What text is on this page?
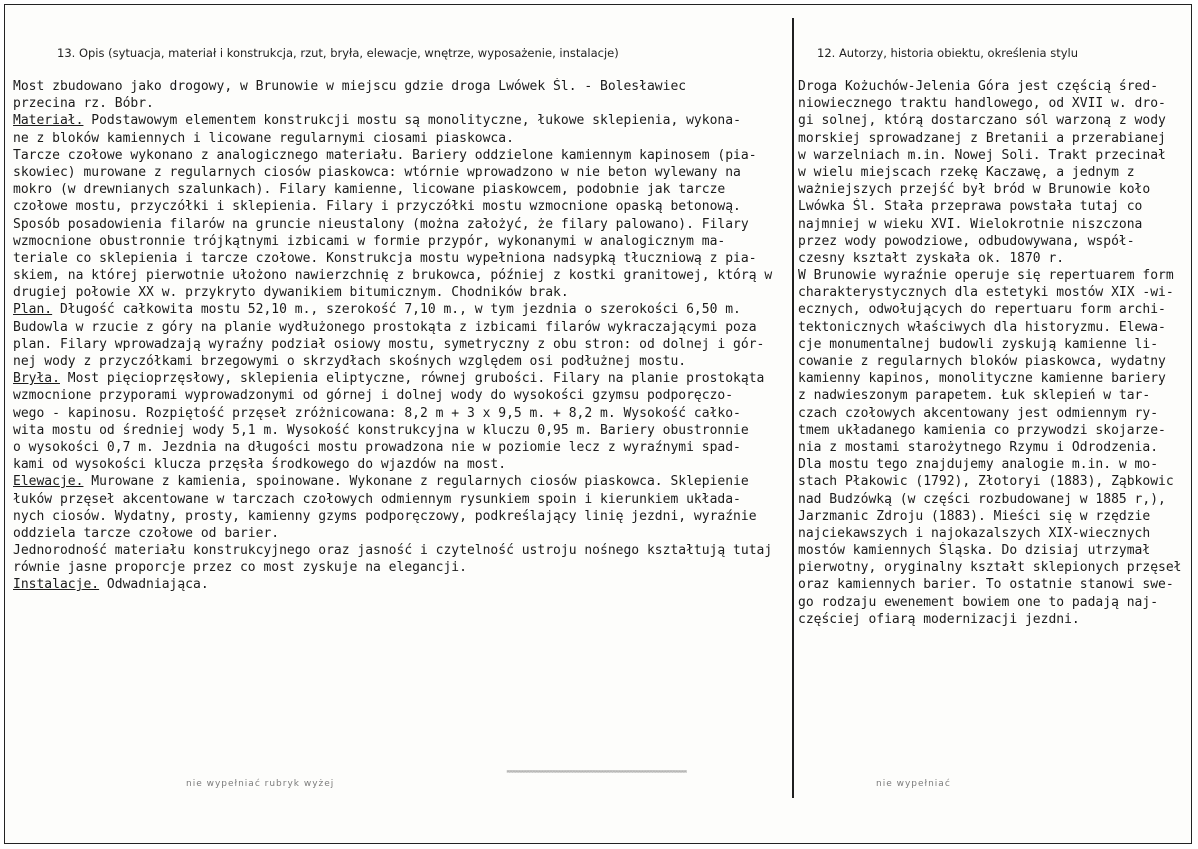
13. Opis (sytuacja, materiał i konstrukcja, rzut, bryła, elewacje, wnętrze, wyposażenie, instalacje)	12. Autorzy, historia obiektu, określenia stylu
Most zbudowano jako drogowy, w Brunowie w miejscu gdzie droga Lwówek Śl. - Bolesławiec
przecina rz. Bóbr.
Materiał. Podstawowym elementem konstrukcji mostu są monolityczne, łukowe sklepienia, wykona-
ne z bloków kamiennych i licowane regularnymi ciosami piaskowca.
Tarcze czołowe wykonano z analogicznego materiału. Bariery oddzielone kamiennym kapinosem (pia-
skowiec) murowane z regularnych ciosów piaskowca: wtórnie wprowadzono w nie beton wylewany na
mokro (w drewnianych szalunkach). Filary kamienne, licowane piaskowcem, podobnie jak tarcze
czołowe mostu, przyczółki i sklepienia. Filary i przyczółki mostu wzmocnione opaską betonową.
Sposób posadowienia filarów na gruncie nieustalony (można założyć, że filary palowano). Filary
wzmocnione obustronnie trójkątnymi izbicami w formie przypór, wykonanymi w analogicznym ma-
teriale co sklepienia i tarcze czołowe. Konstrukcja mostu wypełniona nadsypką tłuczniową z pia-
skiem, na której pierwotnie ułożono nawierzchnię z brukowca, później z kostki granitowej, którą w
drugiej połowie XX w. przykryto dywanikiem bitumicznym. Chodników brak.
Plan. Długość całkowita mostu 52,10 m., szerokość 7,10 m., w tym jezdnia o szerokości 6,50 m.
Budowla w rzucie z góry na planie wydłużonego prostokąta z izbicami filarów wykraczającymi poza
plan. Filary wprowadzają wyraźny podział osiowy mostu, symetryczny z obu stron: od dolnej i gór-
nej wody z przyczółkami brzegowymi o skrzydłach skośnych względem osi podłużnej mostu.
Bryła. Most pięcioprzęsłowy, sklepienia eliptyczne, równej grubości. Filary na planie prostokąta
wzmocnione przyporami wyprowadzonymi od górnej i dolnej wody do wysokości gzymsu podporęczo-
wego - kapinosu. Rozpiętość przęseł zróżnicowana: 8,2 m + 3 x 9,5 m. + 8,2 m. Wysokość całko-
wita mostu od średniej wody 5,1 m. Wysokość konstrukcyjna w kluczu 0,95 m. Bariery obustronnie
o wysokości 0,7 m. Jezdnia na długości mostu prowadzona nie w poziomie lecz z wyraźnymi spad-
kami od wysokości klucza przęsła środkowego do wjazdów na most.
Elewacje. Murowane z kamienia, spoinowane. Wykonane z regularnych ciosów piaskowca. Sklepienie
łuków przęseł akcentowane w tarczach czołowych odmiennym rysunkiem spoin i kierunkiem układa-
nych ciosów. Wydatny, prosty, kamienny gzyms podporęczowy, podkreślający linię jezdni, wyraźnie
oddziela tarcze czołowe od barier.
Jednorodność materiału konstrukcyjnego oraz jasność i czytelność ustroju nośnego kształtują tutaj
równie jasne proporcje przez co most zyskuje na elegancji.
Instalacje. Odwadniająca.
Droga Kożuchów-Jelenia Góra jest częścią śred-
niowiecznego traktu handlowego, od XVII w. dro-
gi solnej, którą dostarczano sól warzoną z wody
morskiej sprowadzanej z Bretanii a przerabianej
w warzelniach m.in. Nowej Soli. Trakt przecinał
w wielu miejscach rzekę Kaczawę, a jednym z
ważniejszych przejść był bród w Brunowie koło
Lwówka Śl. Stała przeprawa powstała tutaj co
najmniej w wieku XVI. Wielokrotnie niszczona
przez wody powodziowe, odbudowywana, współ-
czesny kształt zyskała ok. 1870 r.
W Brunowie wyraźnie operuje się repertuarem form
charakterystycznych dla estetyki mostów XIX -wi-
ecznych, odwołujących do repertuaru form archi-
tektonicznych właściwych dla historyzmu. Elewa-
cje monumentalnej budowli zyskują kamienne li-
cowanie z regularnych bloków piaskowca, wydatny
kamienny kapinos, monolityczne kamienne bariery
z nadwieszonym parapetem. Łuk sklepień w tar-
czach czołowych akcentowany jest odmiennym ry-
tmem układanego kamienia co przywodzi skojarze-
nia z mostami starożytnego Rzymu i Odrodzenia.
Dla mostu tego znajdujemy analogie m.in. w mo-
stach Płakowic (1792), Złotoryi (1883), Ząbkowic
nad Budzówką (w części rozbudowanej w 1885 r,),
Jarzmanic Zdroju (1883). Mieści się w rzędzie
najciekawszych i najokazalszych XIX-wiecznych
mostów kamiennych Śląska. Do dzisiaj utrzymał
pierwotny, oryginalny kształt sklepionych przęseł
oraz kamiennych barier. To ostatnie stanowi swe-
go rodzaju ewenement bowiem one to padają naj-
częściej ofiarą modernizacji jezdni.
nie wypełniać rubryk wyżej	nie wypełniać
